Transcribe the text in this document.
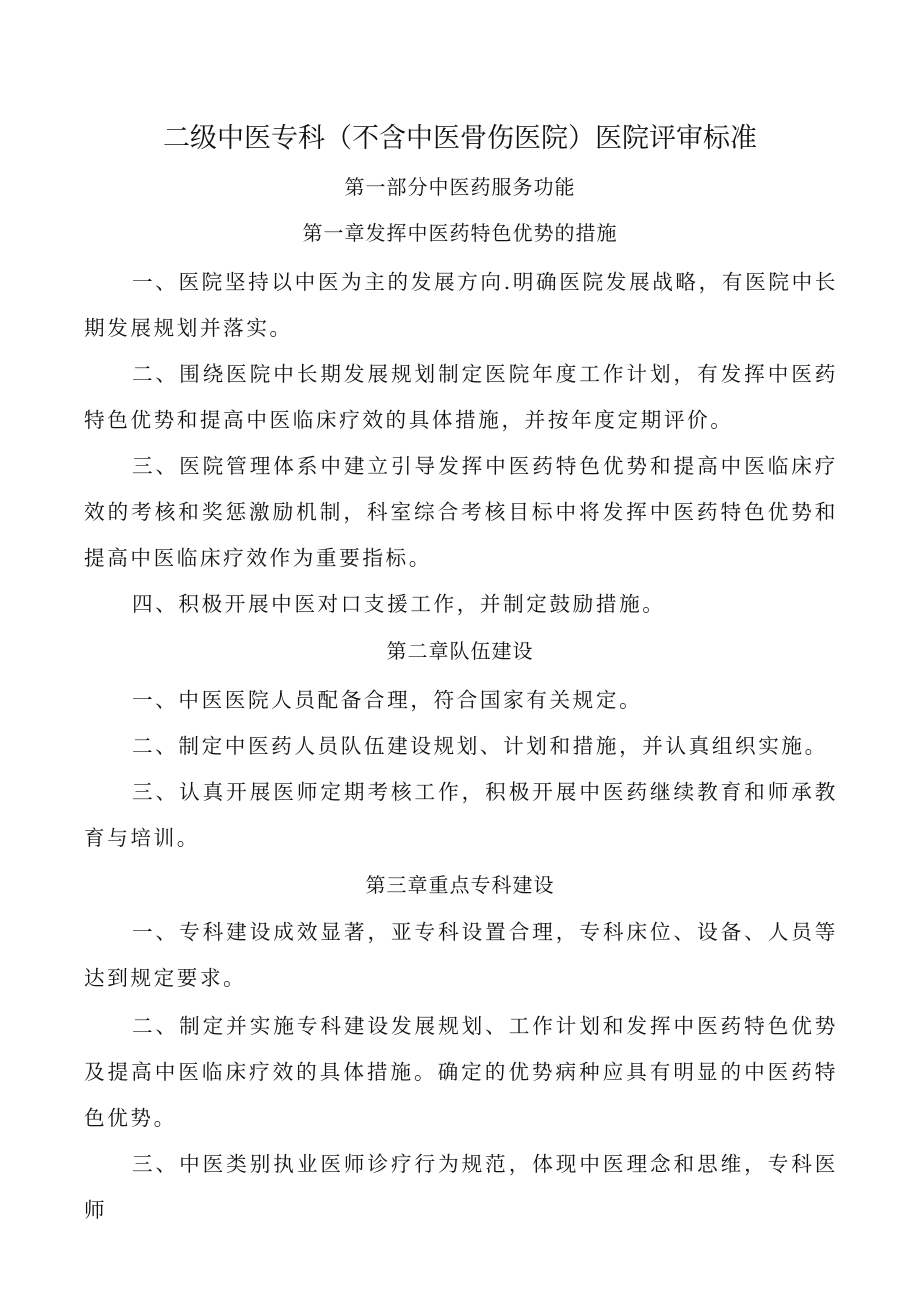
二级中医专科（不含中医骨伤医院）医院评审标准
第一部分中医药服务功能
第一章发挥中医药特色优势的措施

一、医院坚持以中医为主的发展方向.明确医院发展战略，有医院中长期发展规划并落实。

二、围绕医院中长期发展规划制定医院年度工作计划，有发挥中医药特色优势和提高中医临床疗效的具体措施，并按年度定期评价。

三、医院管理体系中建立引导发挥中医药特色优势和提高中医临床疗效的考核和奖惩激励机制，科室综合考核目标中将发挥中医药特色优势和提高中医临床疗效作为重要指标。

四、积极开展中医对口支援工作，并制定鼓励措施。

第二章队伍建设

一、中医医院人员配备合理，符合国家有关规定。

二、制定中医药人员队伍建设规划、计划和措施，并认真组织实施。

三、认真开展医师定期考核工作，积极开展中医药继续教育和师承教育与培训。

第三章重点专科建设

一、专科建设成效显著，亚专科设置合理，专科床位、设备、人员等达到规定要求。

二、制定并实施专科建设发展规划、工作计划和发挥中医药特色优势及提高中医临床疗效的具体措施。确定的优势病种应具有明显的中医药特色优势。

三、中医类别执业医师诊疗行为规范，体现中医理念和思维，专科医师
